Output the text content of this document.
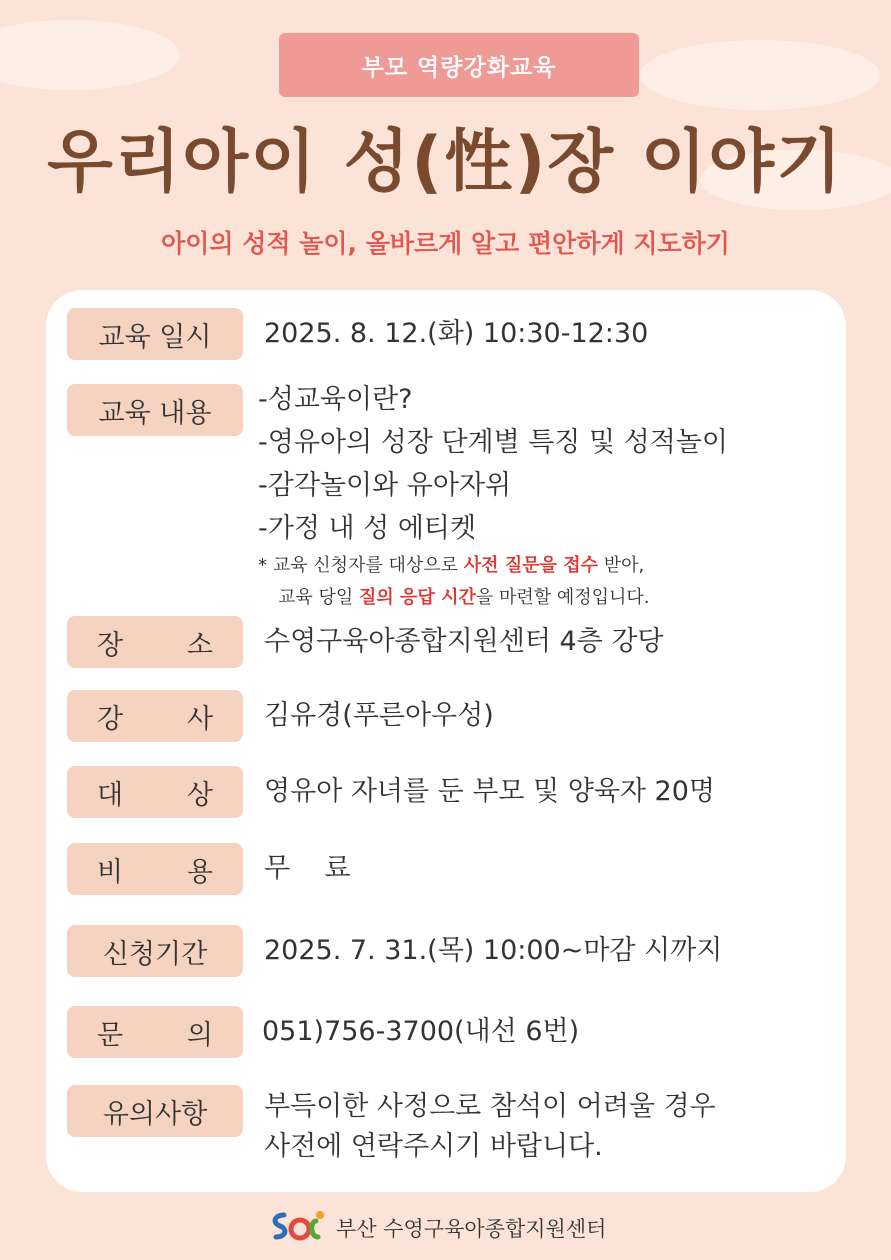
부모 역량강화교육
우리아이 성(性)장 이야기
아이의 성적 놀이, 올바르게 알고 편안하게 지도하기
교육 일시	2025. 8. 12.(화) 10:30-12:30
교육 내용	-성교육이란?
-영유아의 성장 단계별 특징 및 성적놀이
-감각놀이와 유아자위
-가정 내 성 에티켓
* 교육 신청자를 대상으로 사전 질문을 접수 받아,
교육 당일 질의 응답 시간을 마련할 예정입니다.
장 소 수영구육아종합지원센터 4층 강당
강 사 김유경(푸른아우성)
대 상 영유아 자녀를 둔 부모 및 양육자 20명
비 용 무    료
신청기간	2025. 7. 31.(목) 10:00~마감 시까지
문 의 051)756-3700(내선 6번)
유의사항	부득이한 사정으로 참석이 어려울 경우
사전에 연락주시기 바랍니다.
부산 수영구육아종합지원센터
